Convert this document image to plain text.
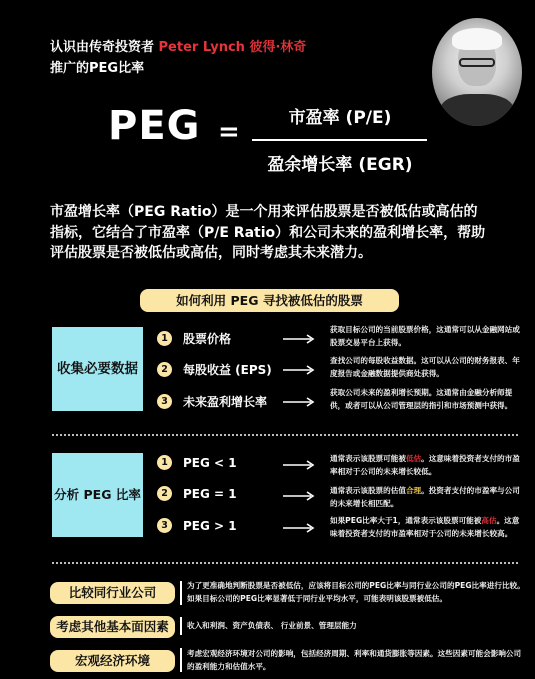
认识由传奇投资者 Peter Lynch 彼得·林奇
推广的PEG比率
PEG =	市盈率 (P/E)
盈余增长率 (EGR)
市盈增长率（PEG Ratio）是一个用来评估股票是否被低估或高估的指标，它结合了市盈率（P/E Ratio）和公司未来的盈利增长率，帮助评估股票是否被低估或高估，同时考虑其未来潜力。
如何利用 PEG 寻找被低估的股票
收集必要数据
1	股票价格
获取目标公司的当前股票价格，这通常可以从金融网站或股票交易平台上获得。
2	每股收益 (EPS)
查找公司的每股收益数据。这可以从公司的财务报表、年度报告或金融数据提供商处获得。
3	未来盈利增长率
获取公司未来的盈利增长预期。这通常由金融分析师提供，或者可以从公司管理层的指引和市场预测中获得。
分析 PEG 比率
1	PEG < 1	通常表示该股票可能被低估。这意味着投资者支付的市盈率相对于公司的未来增长较低。
2	PEG = 1	通常表示该股票的估值合理。投资者支付的市盈率与公司的未来增长相匹配。
3	PEG > 1	如果PEG比率大于1，通常表示该股票可能被高估。这意味着投资者支付的市盈率相对于公司的未来增长较高。
比较同行业公司	为了更准确地判断股票是否被低估，应该将目标公司的PEG比率与同行业公司的PEG比率进行比较。如果目标公司的PEG比率显著低于同行业平均水平，可能表明该股票被低估。
考虑其他基本面因素	收入和利润、资产负债表、 行业前景、管理层能力
宏观经济环境	考虑宏观经济环境对公司的影响，包括经济周期、利率和通货膨胀等因素。这些因素可能会影响公司的盈利能力和估值水平。
